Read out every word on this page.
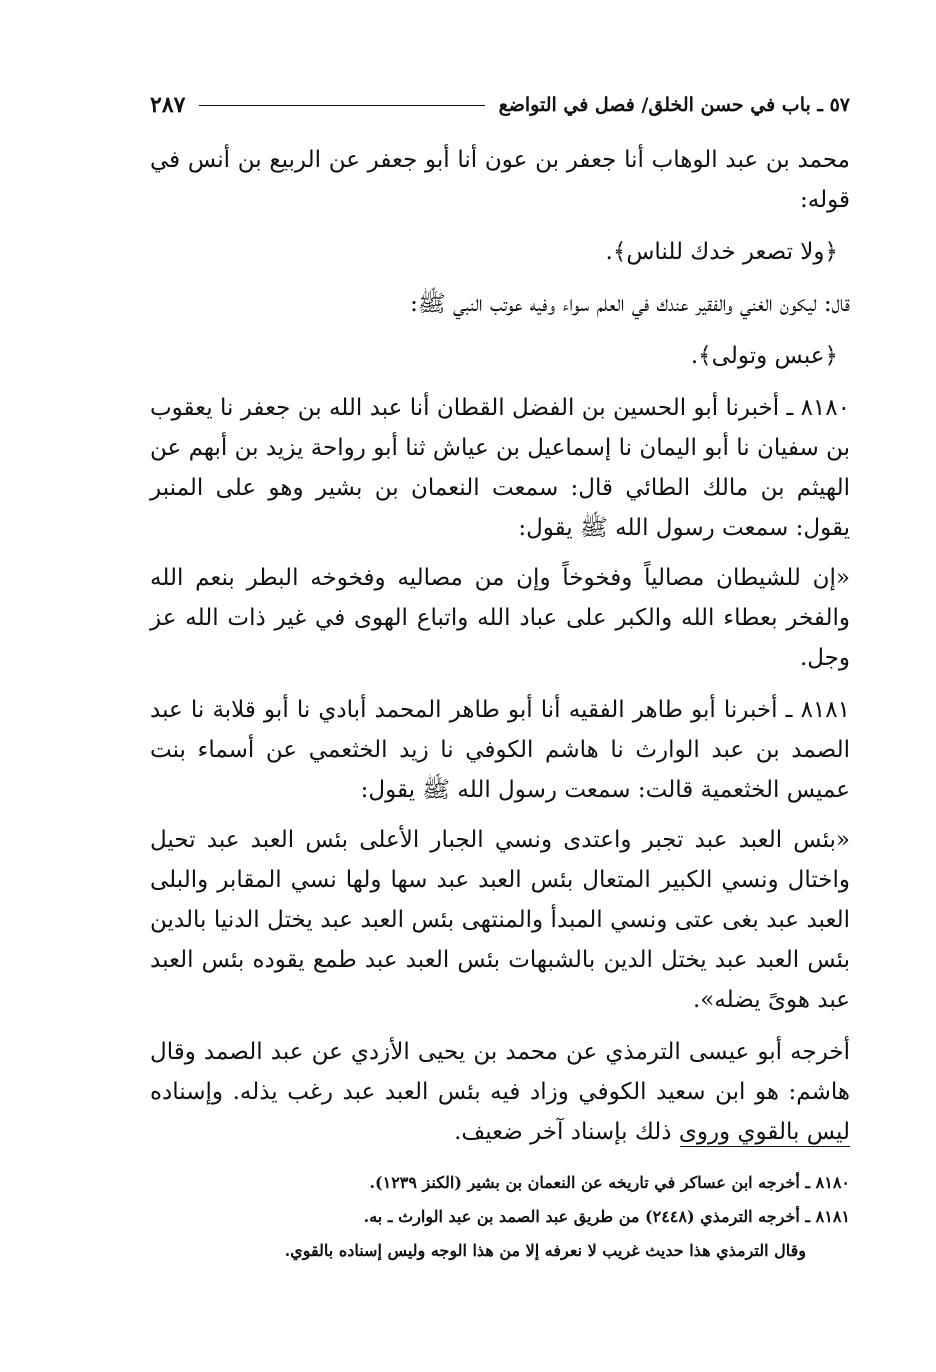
٥٧ ـ باب في حسن الخلق/ فصل في التواضع
٢٨٧

محمد بن عبد الوهاب أنا جعفر بن عون أنا أبو جعفر عن الربيع بن أنس في قوله:

﴿ولا تصعر خدك للناس﴾.

قال: ليكون الغني والفقير عندك في العلم سواء وفيه عوتب النبي ﷺ:

﴿عبس وتولى﴾.

٨١٨٠ ـ أخبرنا أبو الحسين بن الفضل القطان أنا عبد الله بن جعفر نا يعقوب بن سفيان نا أبو اليمان نا إسماعيل بن عياش ثنا أبو رواحة يزيد بن أبهم عن الهيثم بن مالك الطائي قال: سمعت النعمان بن بشير وهو على المنبر يقول: سمعت رسول الله ﷺ يقول:

«إن للشيطان مصالياً وفخوخاً وإن من مصاليه وفخوخه البطر بنعم الله والفخر بعطاء الله والكبر على عباد الله واتباع الهوى في غير ذات الله عز وجل.

٨١٨١ ـ أخبرنا أبو طاهر الفقيه أنا أبو طاهر المحمد أبادي نا أبو قلابة نا عبد الصمد بن عبد الوارث نا هاشم الكوفي نا زيد الخثعمي عن أسماء بنت عميس الخثعمية قالت: سمعت رسول الله ﷺ يقول:

«بئس العبد عبد تجبر واعتدى ونسي الجبار الأعلى بئس العبد عبد تحيل واختال ونسي الكبير المتعال بئس العبد عبد سها ولها نسي المقابر والبلى العبد عبد بغى عتى ونسي المبدأ والمنتهى بئس العبد عبد يختل الدنيا بالدين بئس العبد عبد يختل الدين بالشبهات بئس العبد عبد طمع يقوده بئس العبد عبد هوىً يضله».

أخرجه أبو عيسى الترمذي عن محمد بن يحيى الأزدي عن عبد الصمد وقال هاشم: هو ابن سعيد الكوفي وزاد فيه بئس العبد عبد رغب يذله. وإسناده ليس بالقوي وروى ذلك بإسناد آخر ضعيف.

٨١٨٠ ـ أخرجه ابن عساكر في تاريخه عن النعمان بن بشير (الكنز ١٢٣٩).

٨١٨١ ـ أخرجه الترمذي (٢٤٤٨) من طريق عبد الصمد بن عبد الوارث ـ به.

وقال الترمذي هذا حديث غريب لا نعرفه إلا من هذا الوجه وليس إسناده بالقوي.
